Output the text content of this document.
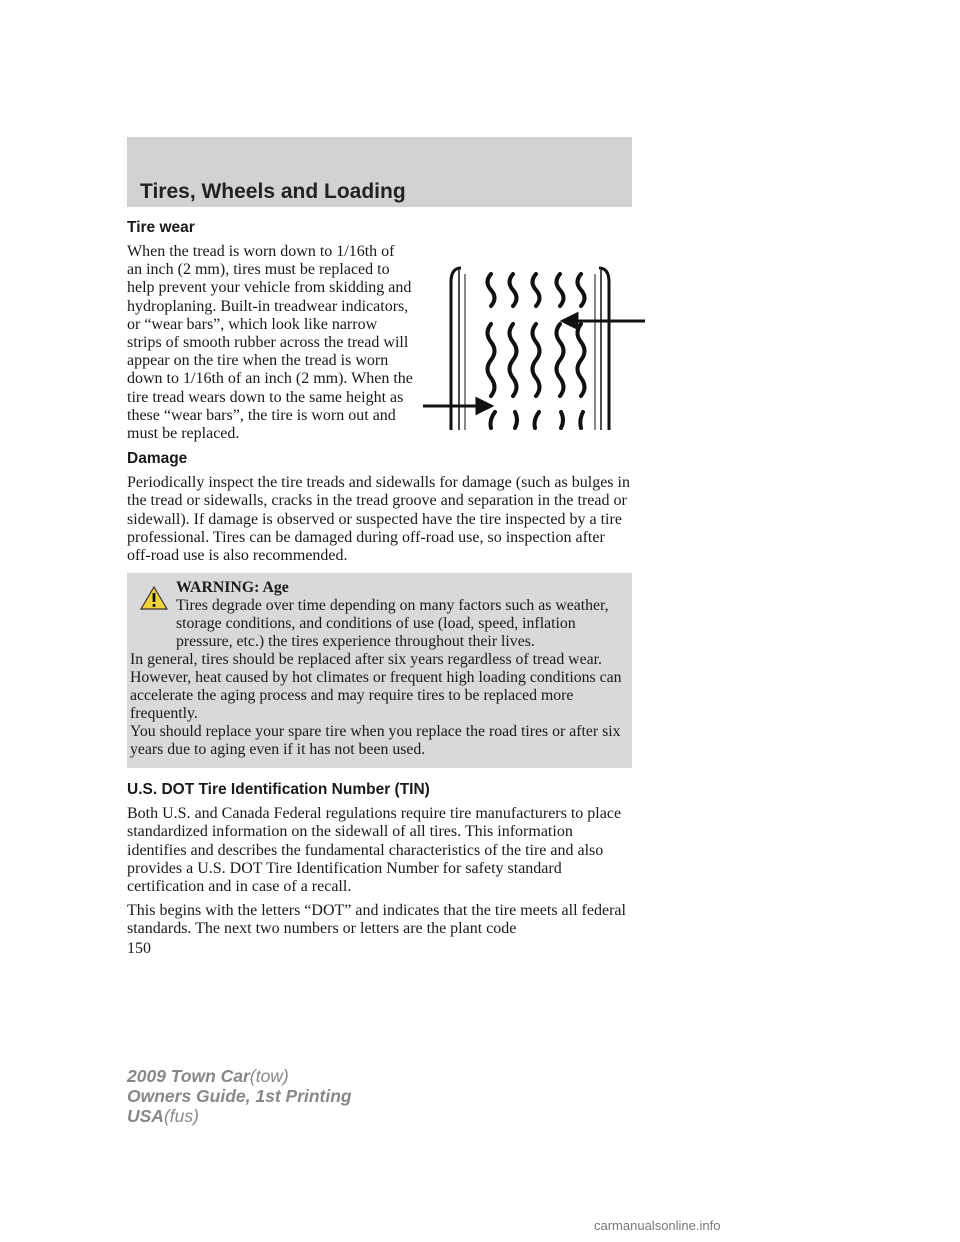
Tires, Wheels and Loading
Tire wear

When the tread is worn down to 1/16th of an inch (2 mm), tires must be replaced to help prevent your vehicle from skidding and hydroplaning. Built-in treadwear indicators, or “wear bars”, which look like narrow strips of smooth rubber across the tread will appear on the tire when the tread is worn down to 1/16th of an inch (2 mm). When the tire tread wears down to the same height as these “wear bars”, the tire is worn out and must be replaced.

Damage

Periodically inspect the tire treads and sidewalls for damage (such as bulges in the tread or sidewalls, cracks in the tread groove and separation in the tread or sidewall). If damage is observed or suspected have the tire inspected by a tire professional. Tires can be damaged during off-road use, so inspection after off-road use is also recommended.

WARNING: Age

Tires degrade over time depending on many factors such as weather, storage conditions, and conditions of use (load, speed, inflation pressure, etc.) the tires experience throughout their lives.

In general, tires should be replaced after six years regardless of tread wear. However, heat caused by hot climates or frequent high loading conditions can accelerate the aging process and may require tires to be replaced more frequently.

You should replace your spare tire when you replace the road tires or after six years due to aging even if it has not been used.

U.S. DOT Tire Identification Number (TIN)

Both U.S. and Canada Federal regulations require tire manufacturers to place standardized information on the sidewall of all tires. This information identifies and describes the fundamental characteristics of the tire and also provides a U.S. DOT Tire Identification Number for safety standard certification and in case of a recall.

This begins with the letters “DOT” and indicates that the tire meets all federal standards. The next two numbers or letters are the plant code

150
2009 Town Car(tow)
Owners Guide, 1st Printing
USA(fus)
carmanualsonline.info
